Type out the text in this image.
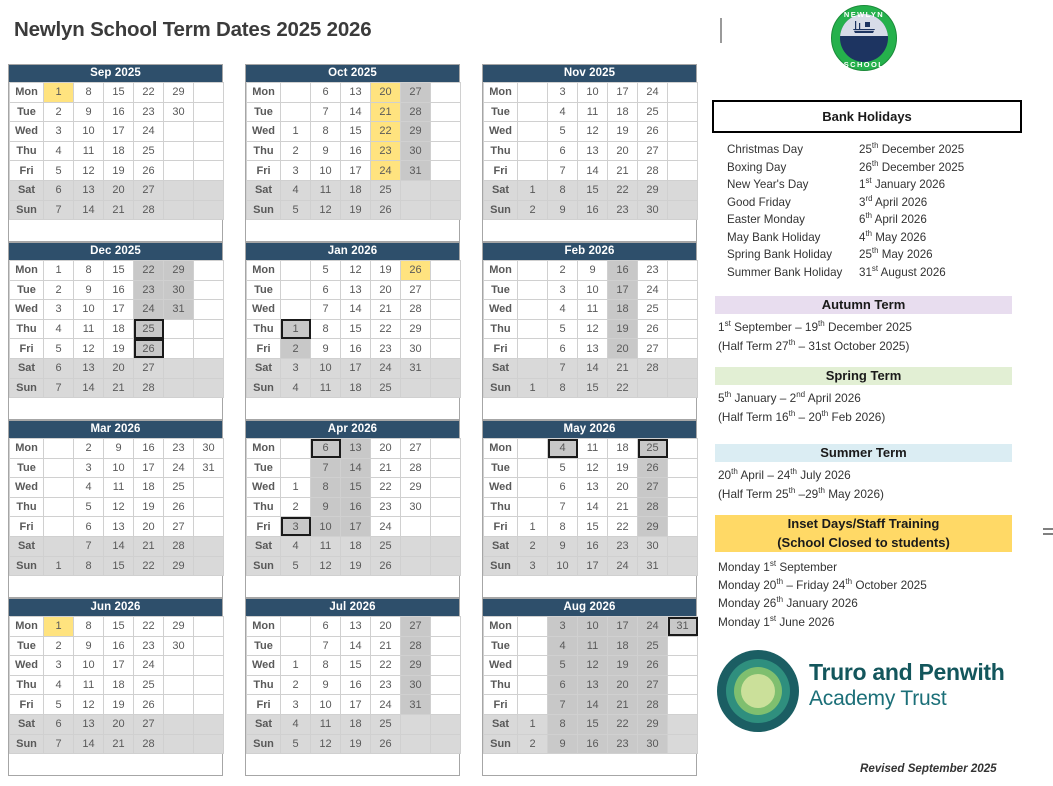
Newlyn School Term Dates 2025 2026
Sep 2025
Mon	1	8	15	22	29	
Tue	2	9	16	23	30	
Wed	3	10	17	24		
Thu	4	11	18	25		
Fri	5	12	19	26		
Sat	6	13	20	27		
Sun	7	14	21	28		
Oct 2025
Mon		6	13	20	27	
Tue		7	14	21	28	
Wed	1	8	15	22	29	
Thu	2	9	16	23	30	
Fri	3	10	17	24	31	
Sat	4	11	18	25		
Sun	5	12	19	26		
Nov 2025
Mon		3	10	17	24	
Tue		4	11	18	25	
Wed		5	12	19	26	
Thu		6	13	20	27	
Fri		7	14	21	28	
Sat	1	8	15	22	29	
Sun	2	9	16	23	30	
Dec 2025
Mon	1	8	15	22	29	
Tue	2	9	16	23	30	
Wed	3	10	17	24	31	
Thu	4	11	18	25		
Fri	5	12	19	26		
Sat	6	13	20	27		
Sun	7	14	21	28		
Jan 2026
Mon		5	12	19	26	
Tue		6	13	20	27	
Wed		7	14	21	28	
Thu	1	8	15	22	29	
Fri	2	9	16	23	30	
Sat	3	10	17	24	31	
Sun	4	11	18	25		
Feb 2026
Mon		2	9	16	23	
Tue		3	10	17	24	
Wed		4	11	18	25	
Thu		5	12	19	26	
Fri		6	13	20	27	
Sat		7	14	21	28	
Sun	1	8	15	22		
Mar 2026
Mon		2	9	16	23	30
Tue		3	10	17	24	31
Wed		4	11	18	25	
Thu		5	12	19	26	
Fri		6	13	20	27	
Sat		7	14	21	28	
Sun	1	8	15	22	29	
Apr 2026
Mon		6	13	20	27	
Tue		7	14	21	28	
Wed	1	8	15	22	29	
Thu	2	9	16	23	30	
Fri	3	10	17	24		
Sat	4	11	18	25		
Sun	5	12	19	26		
May 2026
Mon		4	11	18	25	
Tue		5	12	19	26	
Wed		6	13	20	27	
Thu		7	14	21	28	
Fri	1	8	15	22	29	
Sat	2	9	16	23	30	
Sun	3	10	17	24	31	
Jun 2026
Mon	1	8	15	22	29	
Tue	2	9	16	23	30	
Wed	3	10	17	24		
Thu	4	11	18	25		
Fri	5	12	19	26		
Sat	6	13	20	27		
Sun	7	14	21	28		
Jul 2026
Mon		6	13	20	27	
Tue		7	14	21	28	
Wed	1	8	15	22	29	
Thu	2	9	16	23	30	
Fri	3	10	17	24	31	
Sat	4	11	18	25		
Sun	5	12	19	26		
Aug 2026
Mon		3	10	17	24	31
Tue		4	11	18	25	
Wed		5	12	19	26	
Thu		6	13	20	27	
Fri		7	14	21	28	
Sat	1	8	15	22	29	
Sun	2	9	16	23	30	
NEWLYN
SCHOOL
Bank Holidays
Christmas Day	25th December 2025
Boxing Day	26th December 2025
New Year's Day	1st January 2026
Good Friday	3rd April 2026
Easter Monday	6th April 2026
May Bank Holiday	4th May 2026
Spring Bank Holiday	25th May 2026
Summer Bank Holiday	31st August 2026
Autumn Term
1st September – 19th December 2025
(Half Term 27th – 31st October 2025)
Spring Term
5th January – 2nd April 2026
(Half Term 16th – 20th Feb 2026)
Summer Term
20th April – 24th July 2026
(Half Term 25th –29th May 2026)
Inset Days/Staff Training
(School Closed to students)
Monday 1st September
Monday 20th – Friday 24th October 2025
Monday 26th January 2026
Monday 1st June 2026
Truro and Penwith
Academy Trust
Revised September 2025
